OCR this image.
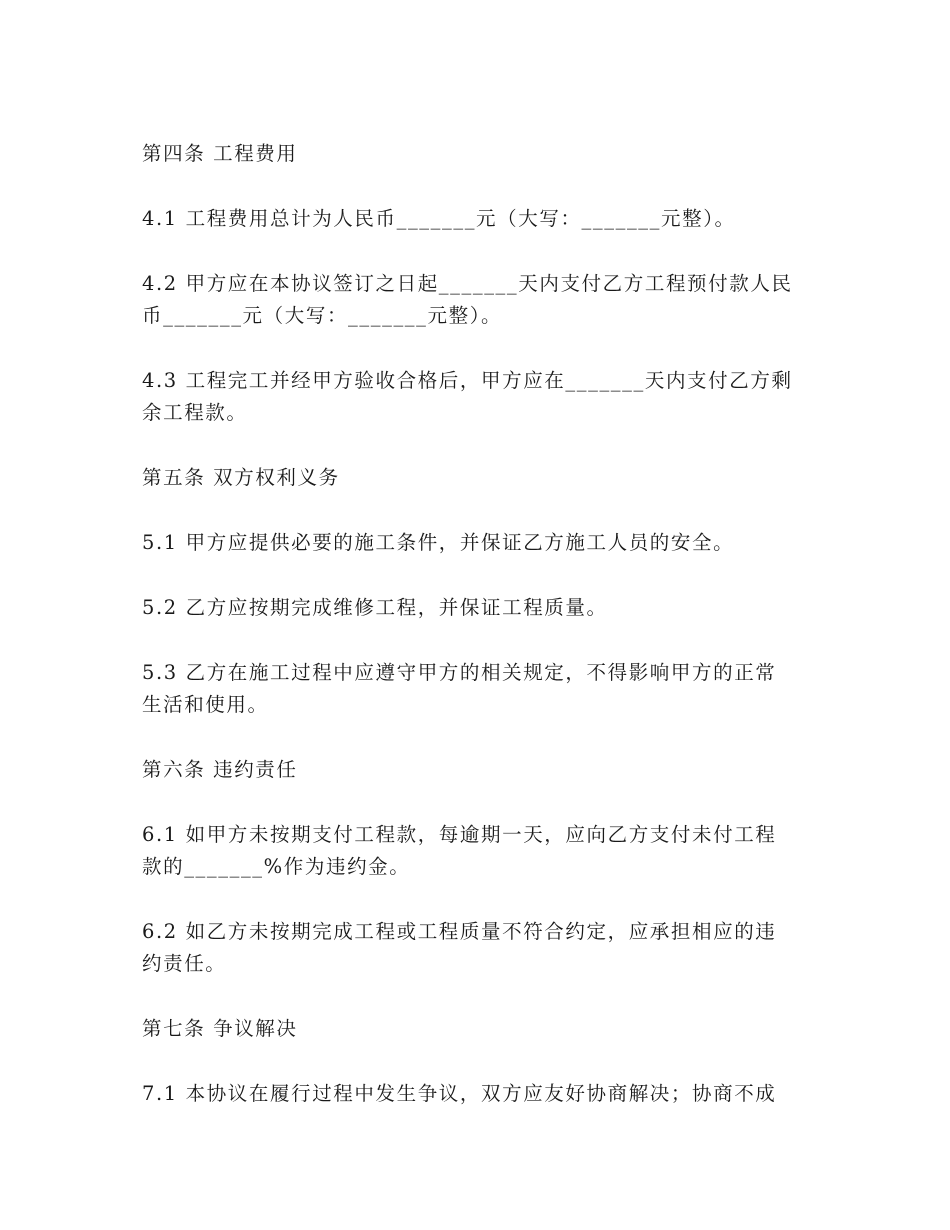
第四条 工程费用
4.1 工程费用总计为人民币_______元（大写：_______元整）。
4.2 甲方应在本协议签订之日起_______天内支付乙方工程预付款人民
币_______元（大写：_______元整）。
4.3 工程完工并经甲方验收合格后，甲方应在_______天内支付乙方剩
余工程款。
第五条 双方权利义务
5.1 甲方应提供必要的施工条件，并保证乙方施工人员的安全。
5.2 乙方应按期完成维修工程，并保证工程质量。
5.3 乙方在施工过程中应遵守甲方的相关规定，不得影响甲方的正常
生活和使用。
第六条 违约责任
6.1 如甲方未按期支付工程款，每逾期一天，应向乙方支付未付工程
款的_______%作为违约金。
6.2 如乙方未按期完成工程或工程质量不符合约定，应承担相应的违
约责任。
第七条 争议解决
7.1 本协议在履行过程中发生争议，双方应友好协商解决；协商不成
